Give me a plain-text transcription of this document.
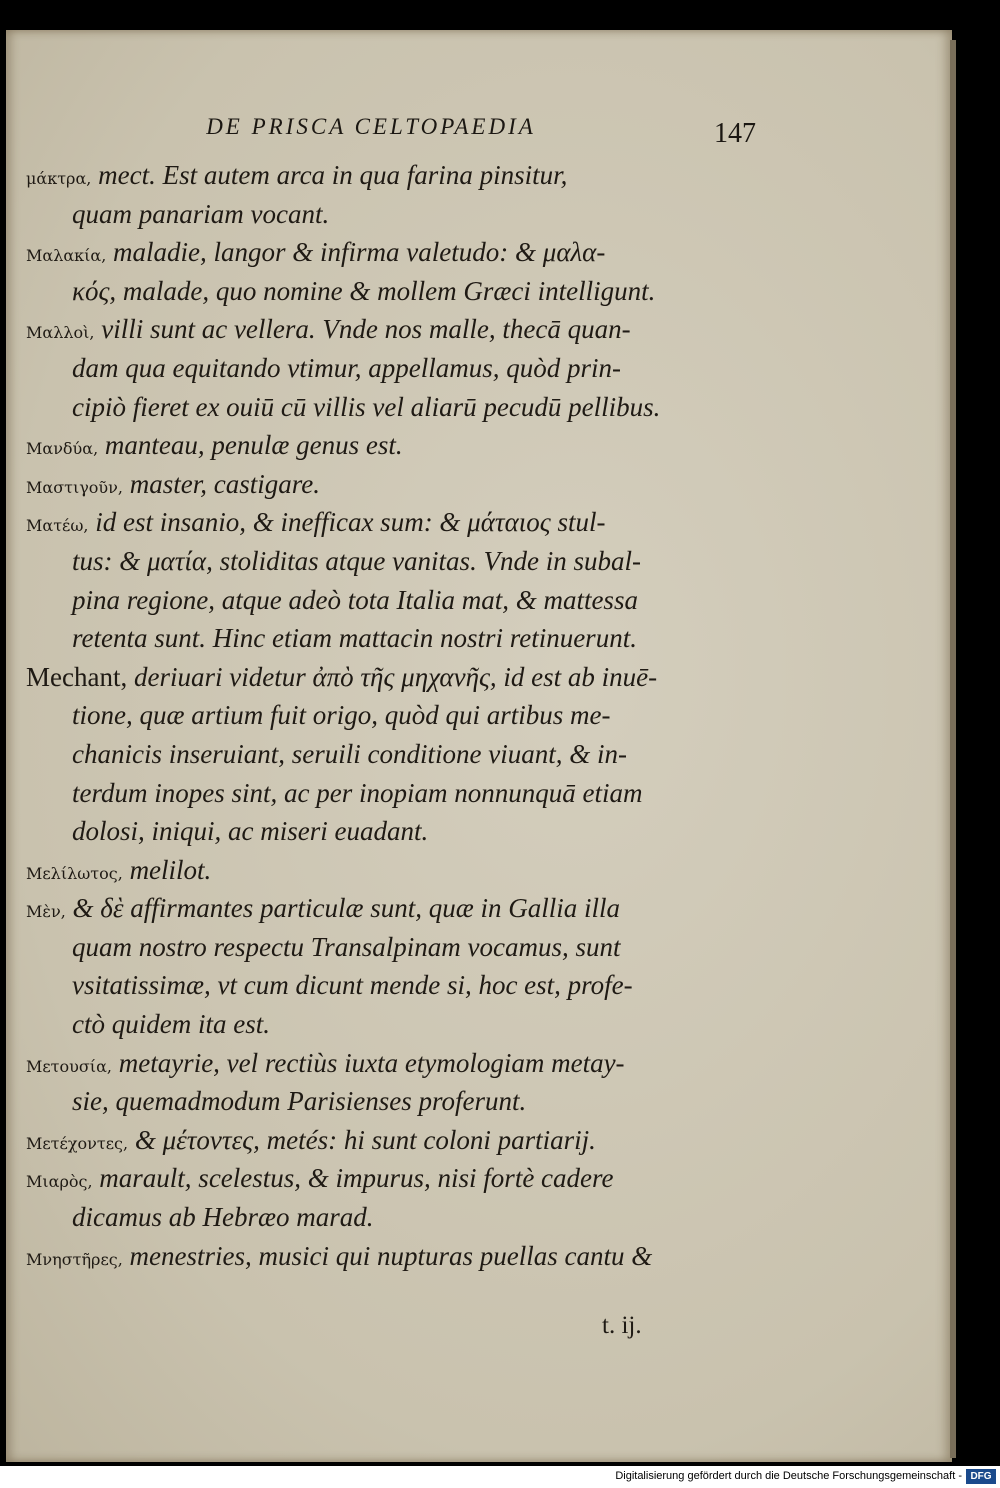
DE PRISCA CELTOPAEDIA	147
μάκτρα, mect. Est autem arca in qua farina pinsitur,
quam panariam vocant.
Μαλακία, maladie, langor & infirma valetudo: & μαλα-
κός, malade, quo nomine & mollem Græci intelligunt.
Μαλλοὶ, villi sunt ac vellera. Vnde nos malle, thecā quan-
dam qua equitando vtimur, appellamus, quòd prin-
cipiò fieret ex ouiū cū villis vel aliarū pecudū pellibus.
Μανδύα, manteau, penulæ genus est.
Μαστιγοῦν, master, castigare.
Ματέω, id est insanio, & inefficax sum: & μάταιος stul-
tus: & ματία, stoliditas atque vanitas. Vnde in subal-
pina regione, atque adeò tota Italia mat, & mattessa
retenta sunt. Hinc etiam mattacin nostri retinuerunt.
Mechant, deriuari videtur ἀπὸ τῆς μηχανῆς, id est ab inuē-
tione, quæ artium fuit origo, quòd qui artibus me-
chanicis inseruiant, seruili conditione viuant, & in-
terdum inopes sint, ac per inopiam nonnunquā etiam
dolosi, iniqui, ac miseri euadant.
Μελίλωτος, melilot.
Μὲν, & δὲ affirmantes particulæ sunt, quæ in Gallia illa
quam nostro respectu Transalpinam vocamus, sunt
vsitatissimæ, vt cum dicunt mende si, hoc est, profe-
ctò quidem ita est.
Μετουσία, metayrie, vel rectiùs iuxta etymologiam metay-
sie, quemadmodum Parisienses proferunt.
Μετέχοντες, & μέτοντες, metés: hi sunt coloni partiarij.
Μιαρὸς, marault, scelestus, & impurus, nisi fortè cadere
dicamus ab Hebræo marad.
Μνηστῆρες, menestries, musici qui nupturas puellas cantu &
t. ij.
Digitalisierung gefördert durch die Deutsche Forschungsgemeinschaft - DFG
